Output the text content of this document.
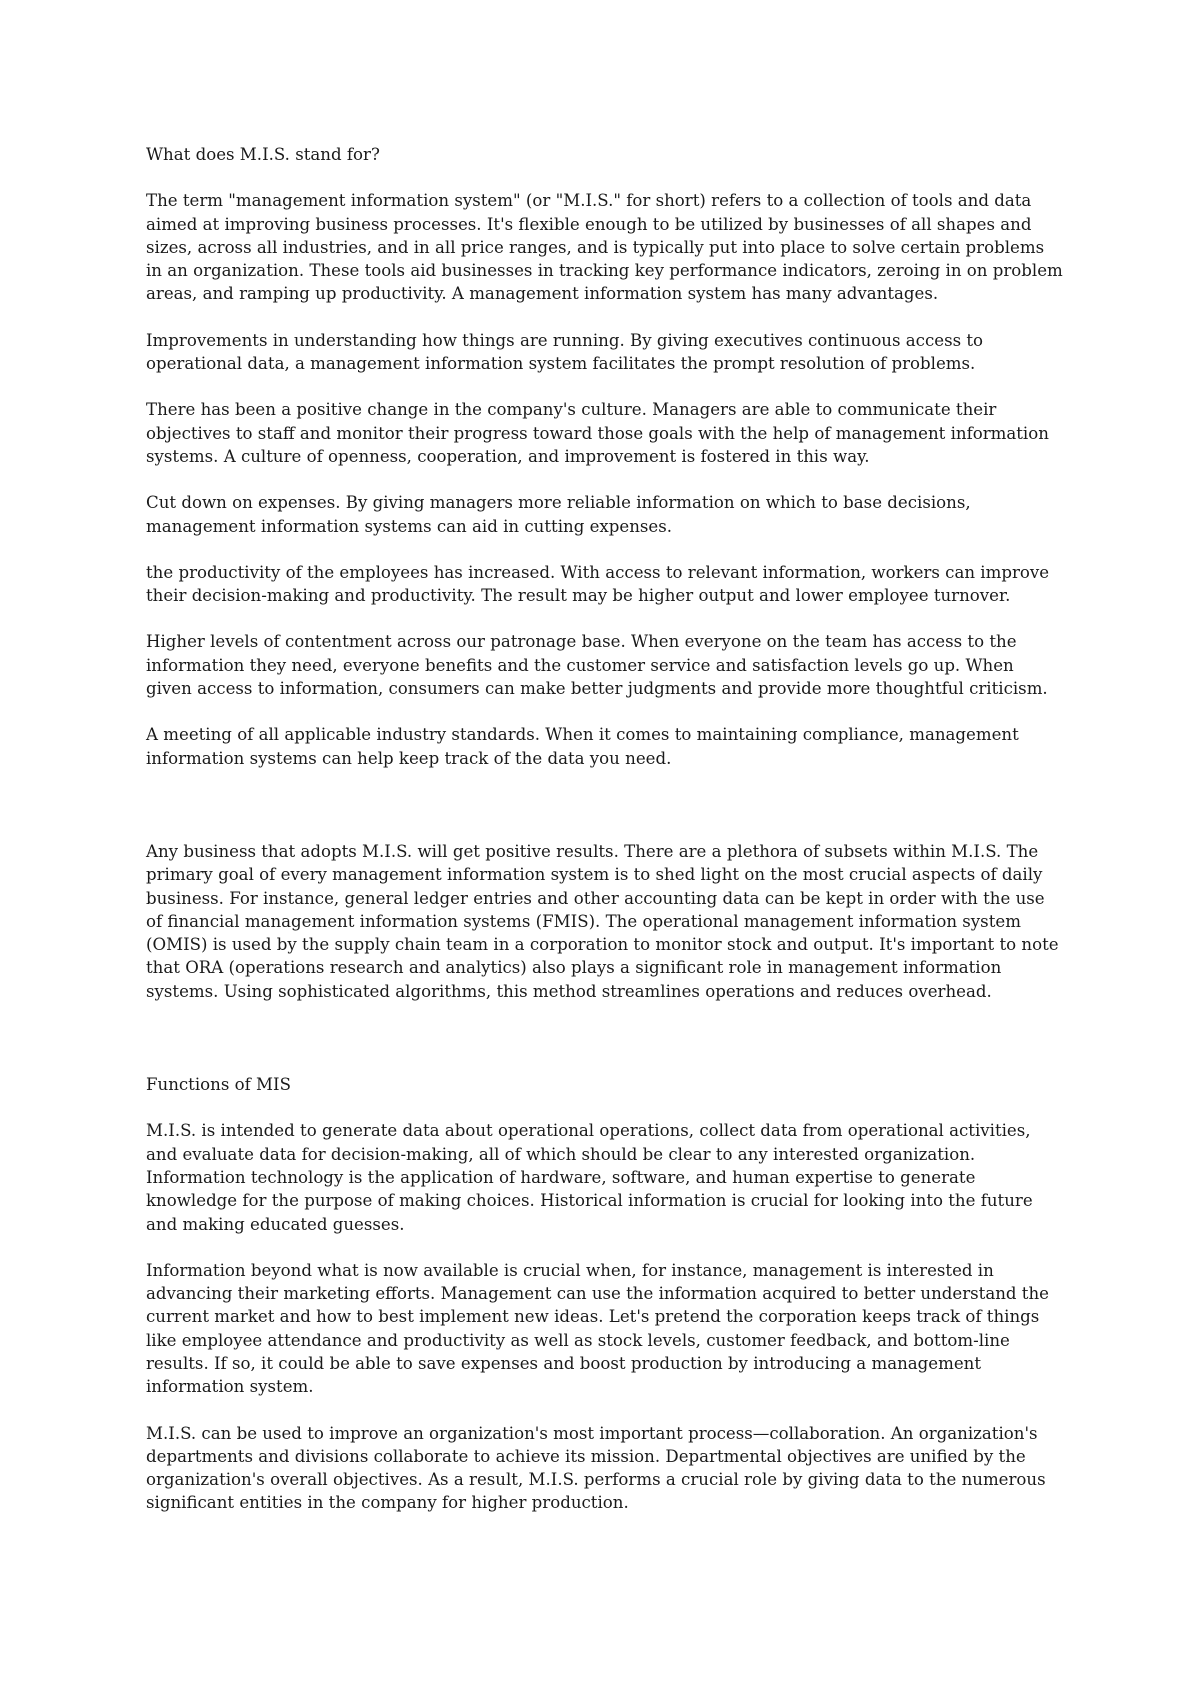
What does M.I.S. stand for?

The term "management information system" (or "M.I.S." for short) refers to a collection of tools and data aimed at improving business processes. It's flexible enough to be utilized by businesses of all shapes and sizes, across all industries, and in all price ranges, and is typically put into place to solve certain problems in an organization. These tools aid businesses in tracking key performance indicators, zeroing in on problem areas, and ramping up productivity. A management information system has many advantages.

Improvements in understanding how things are running. By giving executives continuous access to operational data, a management information system facilitates the prompt resolution of problems.

There has been a positive change in the company's culture. Managers are able to communicate their objectives to staff and monitor their progress toward those goals with the help of management information systems. A culture of openness, cooperation, and improvement is fostered in this way.

Cut down on expenses. By giving managers more reliable information on which to base decisions, management information systems can aid in cutting expenses.

the productivity of the employees has increased. With access to relevant information, workers can improve their decision-making and productivity. The result may be higher output and lower employee turnover.

Higher levels of contentment across our patronage base. When everyone on the team has access to the information they need, everyone benefits and the customer service and satisfaction levels go up. When given access to information, consumers can make better judgments and provide more thoughtful criticism.

A meeting of all applicable industry standards. When it comes to maintaining compliance, management information systems can help keep track of the data you need.

Any business that adopts M.I.S. will get positive results. There are a plethora of subsets within M.I.S. The primary goal of every management information system is to shed light on the most crucial aspects of daily business. For instance, general ledger entries and other accounting data can be kept in order with the use of financial management information systems (FMIS). The operational management information system (OMIS) is used by the supply chain team in a corporation to monitor stock and output. It's important to note that ORA (operations research and analytics) also plays a significant role in management information systems. Using sophisticated algorithms, this method streamlines operations and reduces overhead.

Functions of MIS

M.I.S. is intended to generate data about operational operations, collect data from operational activities, and evaluate data for decision-making, all of which should be clear to any interested organization. Information technology is the application of hardware, software, and human expertise to generate knowledge for the purpose of making choices. Historical information is crucial for looking into the future and making educated guesses.

Information beyond what is now available is crucial when, for instance, management is interested in advancing their marketing efforts. Management can use the information acquired to better understand the current market and how to best implement new ideas. Let's pretend the corporation keeps track of things like employee attendance and productivity as well as stock levels, customer feedback, and bottom-line results. If so, it could be able to save expenses and boost production by introducing a management information system.

M.I.S. can be used to improve an organization's most important process—collaboration. An organization's departments and divisions collaborate to achieve its mission. Departmental objectives are unified by the organization's overall objectives. As a result, M.I.S. performs a crucial role by giving data to the numerous significant entities in the company for higher production.
